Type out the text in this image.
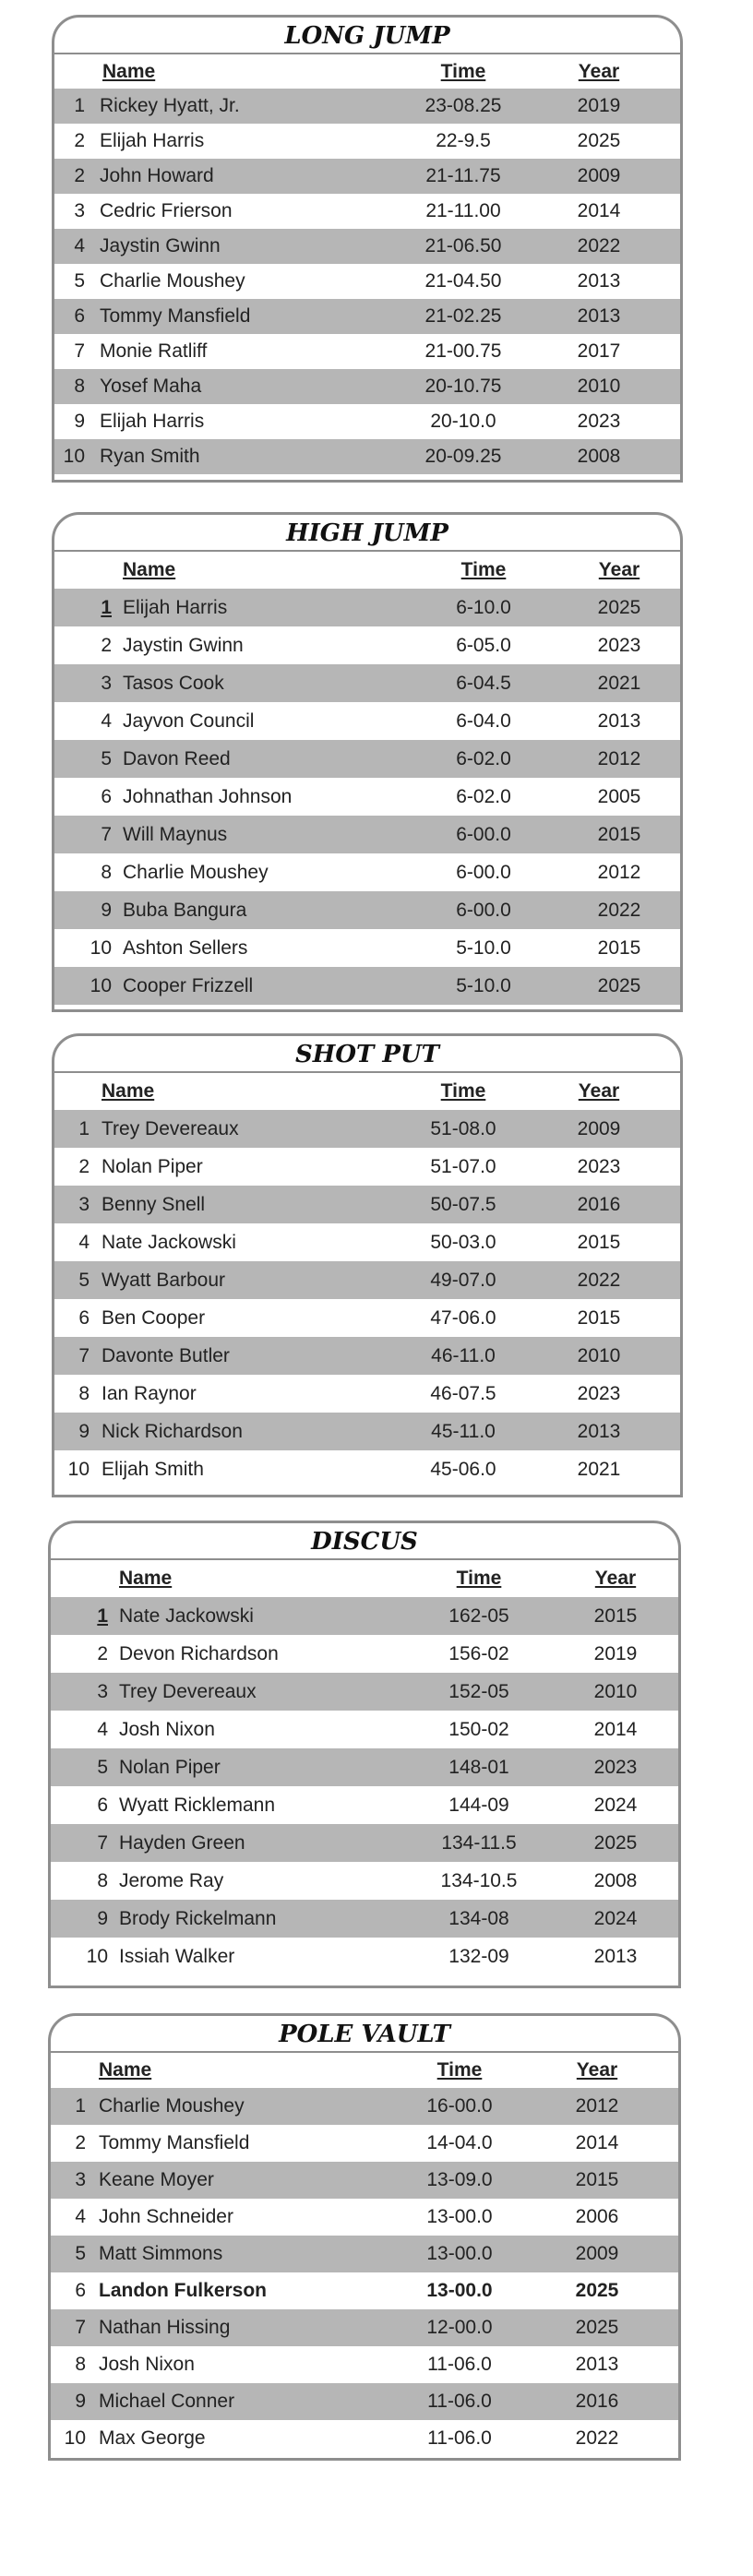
LONG JUMP
Name	Time	Year
1 Rickey Hyatt, Jr.	23-08.25	2019
2 Elijah Harris	22-9.5	2025
2 John Howard	21-11.75	2009
3 Cedric Frierson	21-11.00	2014
4 Jaystin Gwinn	21-06.50	2022
5 Charlie Moushey	21-04.50	2013
6 Tommy Mansfield	21-02.25	2013
7 Monie Ratliff	21-00.75	2017
8 Yosef Maha	20-10.75	2010
9 Elijah Harris	20-10.0	2023
10 Ryan Smith	20-09.25	2008
HIGH JUMP
Name	Time	Year
1 Elijah Harris	6-10.0	2025
2 Jaystin Gwinn	6-05.0	2023
3 Tasos Cook	6-04.5	2021
4 Jayvon Council	6-04.0	2013
5 Davon Reed	6-02.0	2012
6 Johnathan Johnson	6-02.0	2005
7 Will Maynus	6-00.0	2015
8 Charlie Moushey	6-00.0	2012
9 Buba Bangura	6-00.0	2022
10 Ashton Sellers	5-10.0	2015
10 Cooper Frizzell	5-10.0	2025
SHOT PUT
Name	Time	Year
1 Trey Devereaux	51-08.0	2009
2 Nolan Piper	51-07.0	2023
3 Benny Snell	50-07.5	2016
4 Nate Jackowski	50-03.0	2015
5 Wyatt Barbour	49-07.0	2022
6 Ben Cooper	47-06.0	2015
7 Davonte Butler	46-11.0	2010
8 Ian Raynor	46-07.5	2023
9 Nick Richardson	45-11.0	2013
10 Elijah Smith	45-06.0	2021
DISCUS
Name	Time	Year
1 Nate Jackowski	162-05	2015
2 Devon Richardson	156-02	2019
3 Trey Devereaux	152-05	2010
4 Josh Nixon	150-02	2014
5 Nolan Piper	148-01	2023
6 Wyatt Ricklemann	144-09	2024
7 Hayden Green	134-11.5	2025
8 Jerome Ray	134-10.5	2008
9 Brody Rickelmann	134-08	2024
10 Issiah Walker	132-09	2013
POLE VAULT
Name	Time	Year
1 Charlie Moushey	16-00.0	2012
2 Tommy Mansfield	14-04.0	2014
3 Keane Moyer	13-09.0	2015
4 John Schneider	13-00.0	2006
5 Matt Simmons	13-00.0	2009
6 Landon Fulkerson	13-00.0	2025
7 Nathan Hissing	12-00.0	2025
8 Josh Nixon	11-06.0	2013
9 Michael Conner	11-06.0	2016
10 Max George	11-06.0	2022
